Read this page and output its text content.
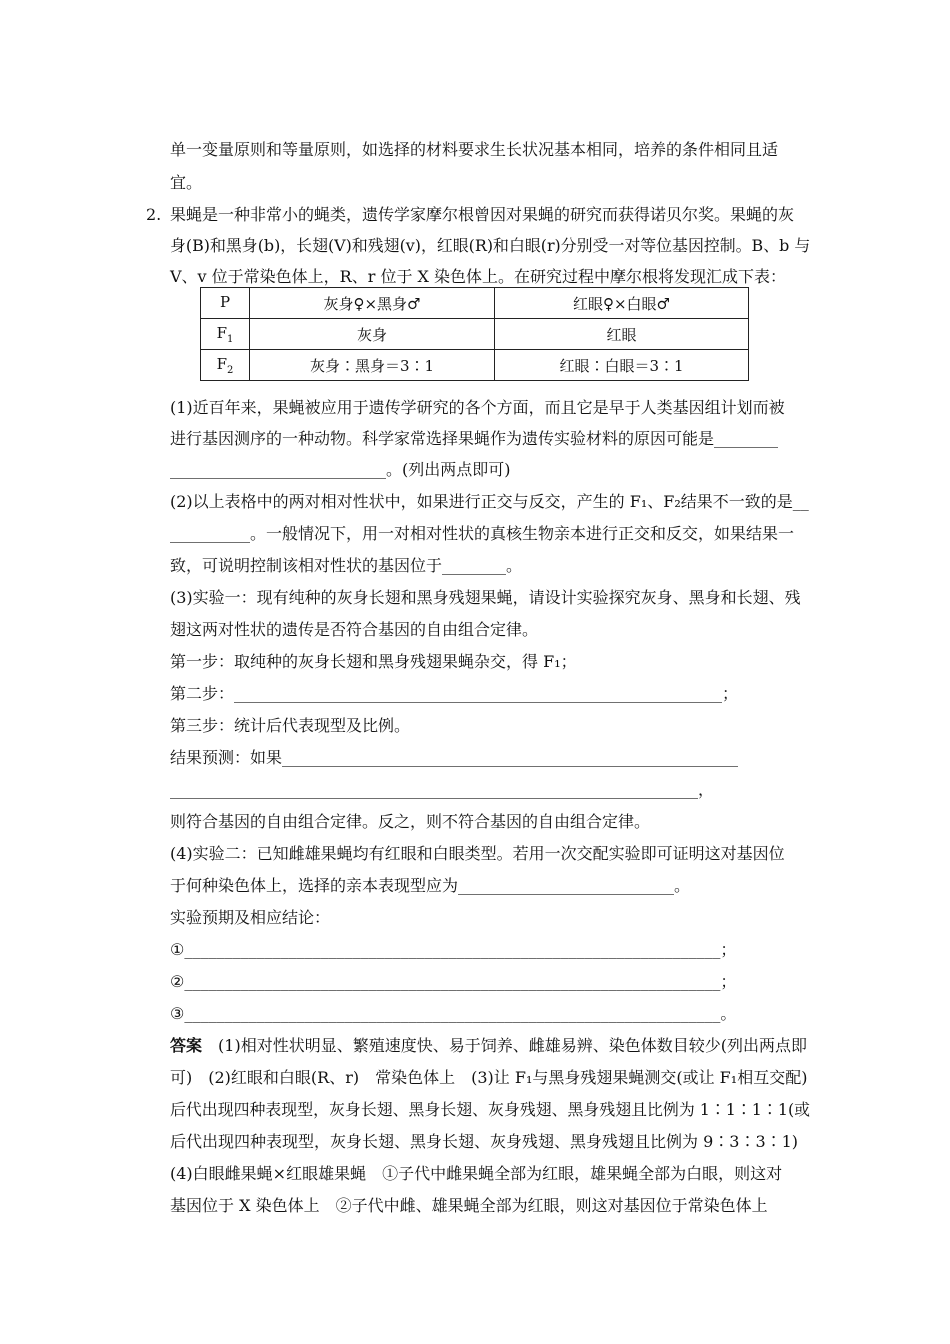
单一变量原则和等量原则，如选择的材料要求生长状况基本相同，培养的条件相同且适
宜。
2. 果蝇是一种非常小的蝇类，遗传学家摩尔根曾因对果蝇的研究而获得诺贝尔奖。果蝇的灰
身(B)和黑身(b)，长翅(V)和残翅(v)，红眼(R)和白眼(r)分别受一对等位基因控制。B、b 与
V、v 位于常染色体上，R、r 位于 X 染色体上。在研究过程中摩尔根将发现汇成下表：
P	灰身♀×黑身♂	红眼♀×白眼♂
$F_1$	灰身	红眼
$F_2$	灰身∶黑身＝3∶1	红眼∶白眼＝3∶1
(1)近百年来，果蝇被应用于遗传学研究的各个方面，而且它是早于人类基因组计划而被
进行基因测序的一种动物。科学家常选择果蝇作为遗传实验材料的原因可能是________
___________________________。(列出两点即可)
(2)以上表格中的两对相对性状中，如果进行正交与反交，产生的 F₁、F₂结果不一致的是__
__________。一般情况下，用一对相对性状的真核生物亲本进行正交和反交，如果结果一
致，可说明控制该相对性状的基因位于________。
(3)实验一：现有纯种的灰身长翅和黑身残翅果蝇，请设计实验探究灰身、黑身和长翅、残
翅这两对性状的遗传是否符合基因的自由组合定律。
第一步：取纯种的灰身长翅和黑身残翅果蝇杂交，得 F₁；
第二步：_____________________________________________________________；
第三步：统计后代表现型及比例。
结果预测：如果_________________________________________________________
__________________________________________________________________，
则符合基因的自由组合定律。反之，则不符合基因的自由组合定律。
(4)实验二：已知雌雄果蝇均有红眼和白眼类型。若用一次交配实验即可证明这对基因位
于何种染色体上，选择的亲本表现型应为___________________________。
实验预期及相应结论：
①___________________________________________________________________；
②___________________________________________________________________；
③___________________________________________________________________。
答案　 (1)相对性状明显、繁殖速度快、易于饲养、雌雄易辨、染色体数目较少(列出两点即
可)　(2)红眼和白眼(R、r)　常染色体上　(3)让 F₁与黑身残翅果蝇测交(或让 F₁相互交配)
后代出现四种表现型，灰身长翅、黑身长翅、灰身残翅、黑身残翅且比例为 1∶1∶1∶1(或
后代出现四种表现型，灰身长翅、黑身长翅、灰身残翅、黑身残翅且比例为 9∶3∶3∶1)
(4)白眼雌果蝇×红眼雄果蝇　①子代中雌果蝇全部为红眼，雄果蝇全部为白眼，则这对
基因位于 X 染色体上　②子代中雌、雄果蝇全部为红眼，则这对基因位于常染色体上
